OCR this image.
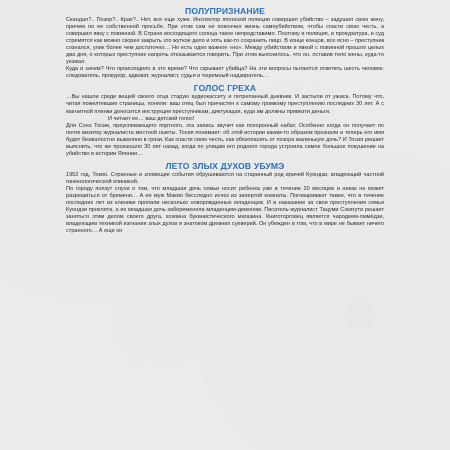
ПОЛУПРИЗНАНИЕ

Скандал?.. Позор?.. Крах?.. Нет, все еще хуже. Инспектор японской полиции совершил убийство – задушил свою жену, причем по ее собственной просьбе. При этом сам не покончил жизнь самоубийством, чтобы спасти свою честь, а совершил явку с повинной. В Стране восходящего солнца такое непредставимо. Поэтому и полиция, и прокуратура, и суд стремятся как можно скорее закрыть это жуткое дело и хоть как-то сохранить лицо. В конце концов, все ясно – преступник сознался, улик более чем достаточно… Но есть одно важное «но». Между убийством и явкой с повинной прошло целых два дня, о которых преступник напрочь отказывается говорить. При этом выяснилось, что он, оставив тело жены, куда-то уезжал.

Куда и зачем? Что происходило в это время? Что скрывает убийца? На эти вопросы пытаются ответить шесть человек: следователь, прокурор, адвокат, журналист, судья и тюремный надзиратель…

ГОЛОС ГРЕХА

…Вы нашли среди вещей своего отца старую аудиокассету и потрепанный дневник. И застыли от ужаса. Потому что, читая пожелтевшие страницы, поняли: ваш отец был причастен к самому громкому преступлению последних 30 лет. А с магнитной пленки доносится инструкция преступникам, диктующая, куда им должны привезти деньги.

И читает ее… ваш детский голос!

Для Сонэ Тосии, преуспевающего портного, эта запись звучит как похоронный набат. Особенно когда он получает по почте визитку журналиста местной газеты. Тосия понимает: об этой истории каким-то образом прознали и теперь его имя будет безжалостно вываляно в грязи. Как спасти свою честь, как обезопасить от позора маленькую дочь? И Тосия решает выяснить, что же произошло 30 лет назад, когда по улицам его родного города устроила самое большое покушение на убийство в истории Японии…

ЛЕТО ЗЛЫХ ДУХОВ УБУМЭ

1952 год, Токио. Странные и зловещие события обрушиваются на старинный род врачей Куондзи, владеющий частной гинекологической клиникой.

По городу ползут слухи о том, что младшая дочь семьи носит ребенка уже в течение 20 месяцев и никак не может разрешиться от бремени… А ее муж Макио бесследно исчез из запертой комнаты. Поговаривают также, что в течение последних лет из клиники пропали несколько новорожденных младенцев. И в наказание за свои преступления семья Куондзи проклята, а их младшая дочь забеременела младенцем-демоном. Писатель-журналист Тацуми Сэкигути решает заняться этим делом своего друга, хозяина букинистического магазина. Книготорговец является чародеем-оммёдзи, владеющим техникой изгнания злых духов и знатоком древних суеверий. Он убежден в том, что в мире не бывает ничего странного… А еще он
